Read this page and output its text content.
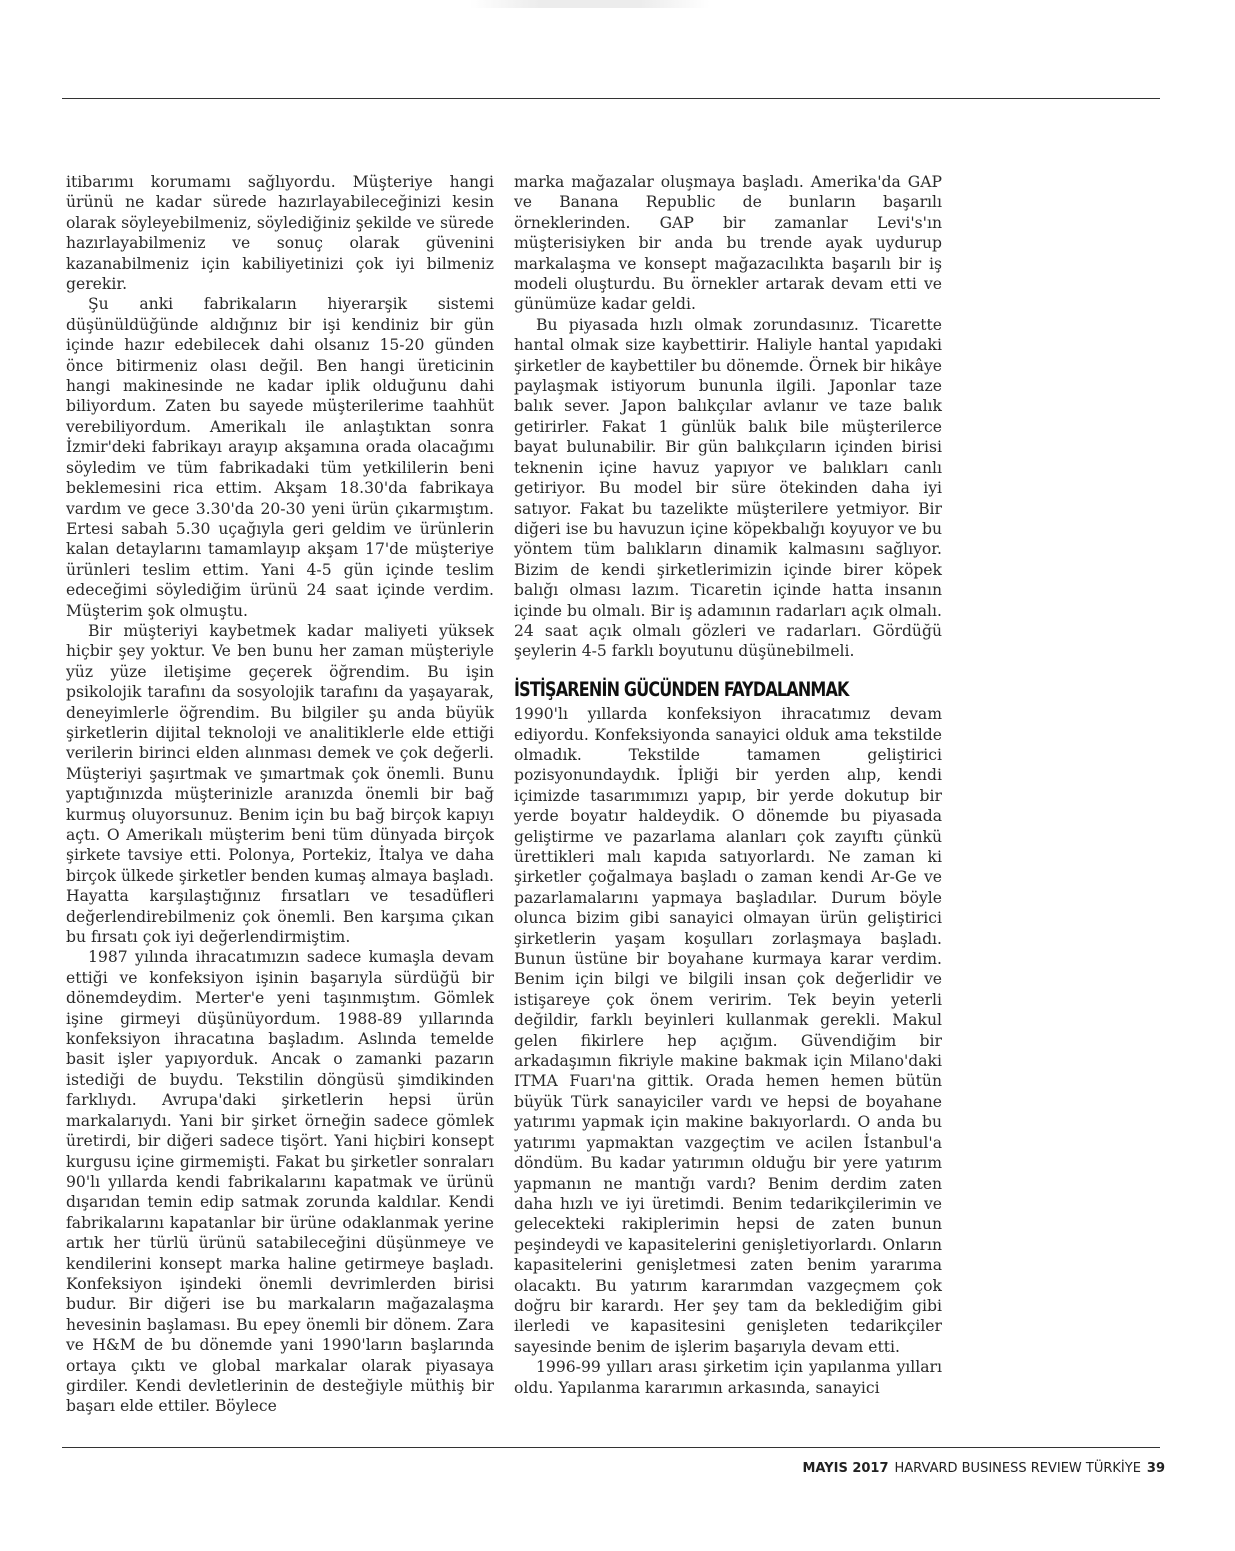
itibarımı korumamı sağlıyordu. Müşteriye hangi ürünü ne kadar sürede hazırlayabileceğinizi kesin olarak söyleyebilmeniz, söylediğiniz şekilde ve sürede hazırlayabilmeniz ve sonuç olarak güvenini kazanabilmeniz için kabiliyetinizi çok iyi bilmeniz gerekir.

Şu anki fabrikaların hiyerarşik sistemi düşünüldüğünde aldığınız bir işi kendiniz bir gün içinde hazır edebilecek dahi olsanız 15-20 günden önce bitirmeniz olası değil. Ben hangi üreticinin hangi makinesinde ne kadar iplik olduğunu dahi biliyordum. Zaten bu sayede müşterilerime taahhüt verebiliyordum. Amerikalı ile anlaştıktan sonra İzmir'deki fabrikayı arayıp akşamına orada olacağımı söyledim ve tüm fabrikadaki tüm yetkililerin beni beklemesini rica ettim. Akşam 18.30'da fabrikaya vardım ve gece 3.30'da 20-30 yeni ürün çıkarmıştım. Ertesi sabah 5.30 uçağıyla geri geldim ve ürünlerin kalan detaylarını tamamlayıp akşam 17'de müşteriye ürünleri teslim ettim. Yani 4-5 gün içinde teslim edeceğimi söylediğim ürünü 24 saat içinde verdim. Müşterim şok olmuştu.

Bir müşteriyi kaybetmek kadar maliyeti yüksek hiçbir şey yoktur. Ve ben bunu her zaman müşteriyle yüz yüze iletişime geçerek öğrendim. Bu işin psikolojik tarafını da sosyolojik tarafını da yaşayarak, deneyimlerle öğrendim. Bu bilgiler şu anda büyük şirketlerin dijital teknoloji ve analitiklerle elde ettiği verilerin birinci elden alınması demek ve çok değerli. Müşteriyi şaşırtmak ve şımartmak çok önemli. Bunu yaptığınızda müşterinizle aranızda önemli bir bağ kurmuş oluyorsunuz. Benim için bu bağ birçok kapıyı açtı. O Amerikalı müşterim beni tüm dünyada birçok şirkete tavsiye etti. Polonya, Portekiz, İtalya ve daha birçok ülkede şirketler benden kumaş almaya başladı. Hayatta karşılaştığınız fırsatları ve tesadüfleri değerlendirebilmeniz çok önemli. Ben karşıma çıkan bu fırsatı çok iyi değerlendirmiştim.

1987 yılında ihracatımızın sadece kumaşla devam ettiği ve konfeksiyon işinin başarıyla sürdüğü bir dönemdeydim. Merter'e yeni taşınmıştım. Gömlek işine girmeyi düşünüyordum. 1988-89 yıllarında konfeksiyon ihracatına başladım. Aslında temelde basit işler yapıyorduk. Ancak o zamanki pazarın istediği de buydu. Tekstilin döngüsü şimdikinden farklıydı. Avrupa'daki şirketlerin hepsi ürün markalarıydı. Yani bir şirket örneğin sadece gömlek üretirdi, bir diğeri sadece tişört. Yani hiçbiri konsept kurgusu içine girmemişti. Fakat bu şirketler sonraları 90'lı yıllarda kendi fabrikalarını kapatmak ve ürünü dışarıdan temin edip satmak zorunda kaldılar. Kendi fabrikalarını kapatanlar bir ürüne odaklanmak yerine artık her türlü ürünü satabileceğini düşünmeye ve kendilerini konsept marka haline getirmeye başladı. Konfeksiyon işindeki önemli devrimlerden birisi budur. Bir diğeri ise bu markaların mağazalaşma hevesinin başlaması. Bu epey önemli bir dönem. Zara ve H&M de bu dönemde yani 1990'ların başlarında ortaya çıktı ve global markalar olarak piyasaya girdiler. Kendi devletlerinin de desteğiyle müthiş bir başarı elde ettiler. Böylece

marka mağazalar oluşmaya başladı. Amerika'da GAP ve Banana Republic de bunların başarılı örneklerinden. GAP bir zamanlar Levi's'ın müşterisiyken bir anda bu trende ayak uydurup markalaşma ve konsept mağazacılıkta başarılı bir iş modeli oluşturdu. Bu örnekler artarak devam etti ve günümüze kadar geldi.

Bu piyasada hızlı olmak zorundasınız. Ticarette hantal olmak size kaybettirir. Haliyle hantal yapıdaki şirketler de kaybettiler bu dönemde. Örnek bir hikâye paylaşmak istiyorum bununla ilgili. Japonlar taze balık sever. Japon balıkçılar avlanır ve taze balık getirirler. Fakat 1 günlük balık bile müşterilerce bayat bulunabilir. Bir gün balıkçıların içinden birisi teknenin içine havuz yapıyor ve balıkları canlı getiriyor. Bu model bir süre ötekinden daha iyi satıyor. Fakat bu tazelikte müşterilere yetmiyor. Bir diğeri ise bu havuzun içine köpekbalığı koyuyor ve bu yöntem tüm balıkların dinamik kalmasını sağlıyor. Bizim de kendi şirketlerimizin içinde birer köpek balığı olması lazım. Ticaretin içinde hatta insanın içinde bu olmalı. Bir iş adamının radarları açık olmalı. 24 saat açık olmalı gözleri ve radarları. Gördüğü şeylerin 4-5 farklı boyutunu düşünebilmeli.

İSTİŞARENİN GÜCÜNDEN FAYDALANMAK

1990'lı yıllarda konfeksiyon ihracatımız devam ediyordu. Konfeksiyonda sanayici olduk ama tekstilde olmadık. Tekstilde tamamen geliştirici pozisyonundaydık. İpliği bir yerden alıp, kendi içimizde tasarımımızı yapıp, bir yerde dokutup bir yerde boyatır haldeydik. O dönemde bu piyasada geliştirme ve pazarlama alanları çok zayıftı çünkü ürettikleri malı kapıda satıyorlardı. Ne zaman ki şirketler çoğalmaya başladı o zaman kendi Ar-Ge ve pazarlamalarını yapmaya başladılar. Durum böyle olunca bizim gibi sanayici olmayan ürün geliştirici şirketlerin yaşam koşulları zorlaşmaya başladı. Bunun üstüne bir boyahane kurmaya karar verdim. Benim için bilgi ve bilgili insan çok değerlidir ve istişareye çok önem veririm. Tek beyin yeterli değildir, farklı beyinleri kullanmak gerekli. Makul gelen fikirlere hep açığım. Güvendiğim bir arkadaşımın fikriyle makine bakmak için Milano'daki ITMA Fuarı'na gittik. Orada hemen hemen bütün büyük Türk sanayiciler vardı ve hepsi de boyahane yatırımı yapmak için makine bakıyorlardı. O anda bu yatırımı yapmaktan vazgeçtim ve acilen İstanbul'a döndüm. Bu kadar yatırımın olduğu bir yere yatırım yapmanın ne mantığı vardı? Benim derdim zaten daha hızlı ve iyi üretimdi. Benim tedarikçilerimin ve gelecekteki rakiplerimin hepsi de zaten bunun peşindeydi ve kapasitelerini genişletiyorlardı. Onların kapasitelerini genişletmesi zaten benim yararıma olacaktı. Bu yatırım kararımdan vazgeçmem çok doğru bir karardı. Her şey tam da beklediğim gibi ilerledi ve kapasitesini genişleten tedarikçiler sayesinde benim de işlerim başarıyla devam etti.

1996-99 yılları arası şirketim için yapılanma yılları oldu. Yapılanma kararımın arkasında, sanayici

MAYIS 2017 HARVARD BUSINESS REVIEW TÜRKİYE 39
